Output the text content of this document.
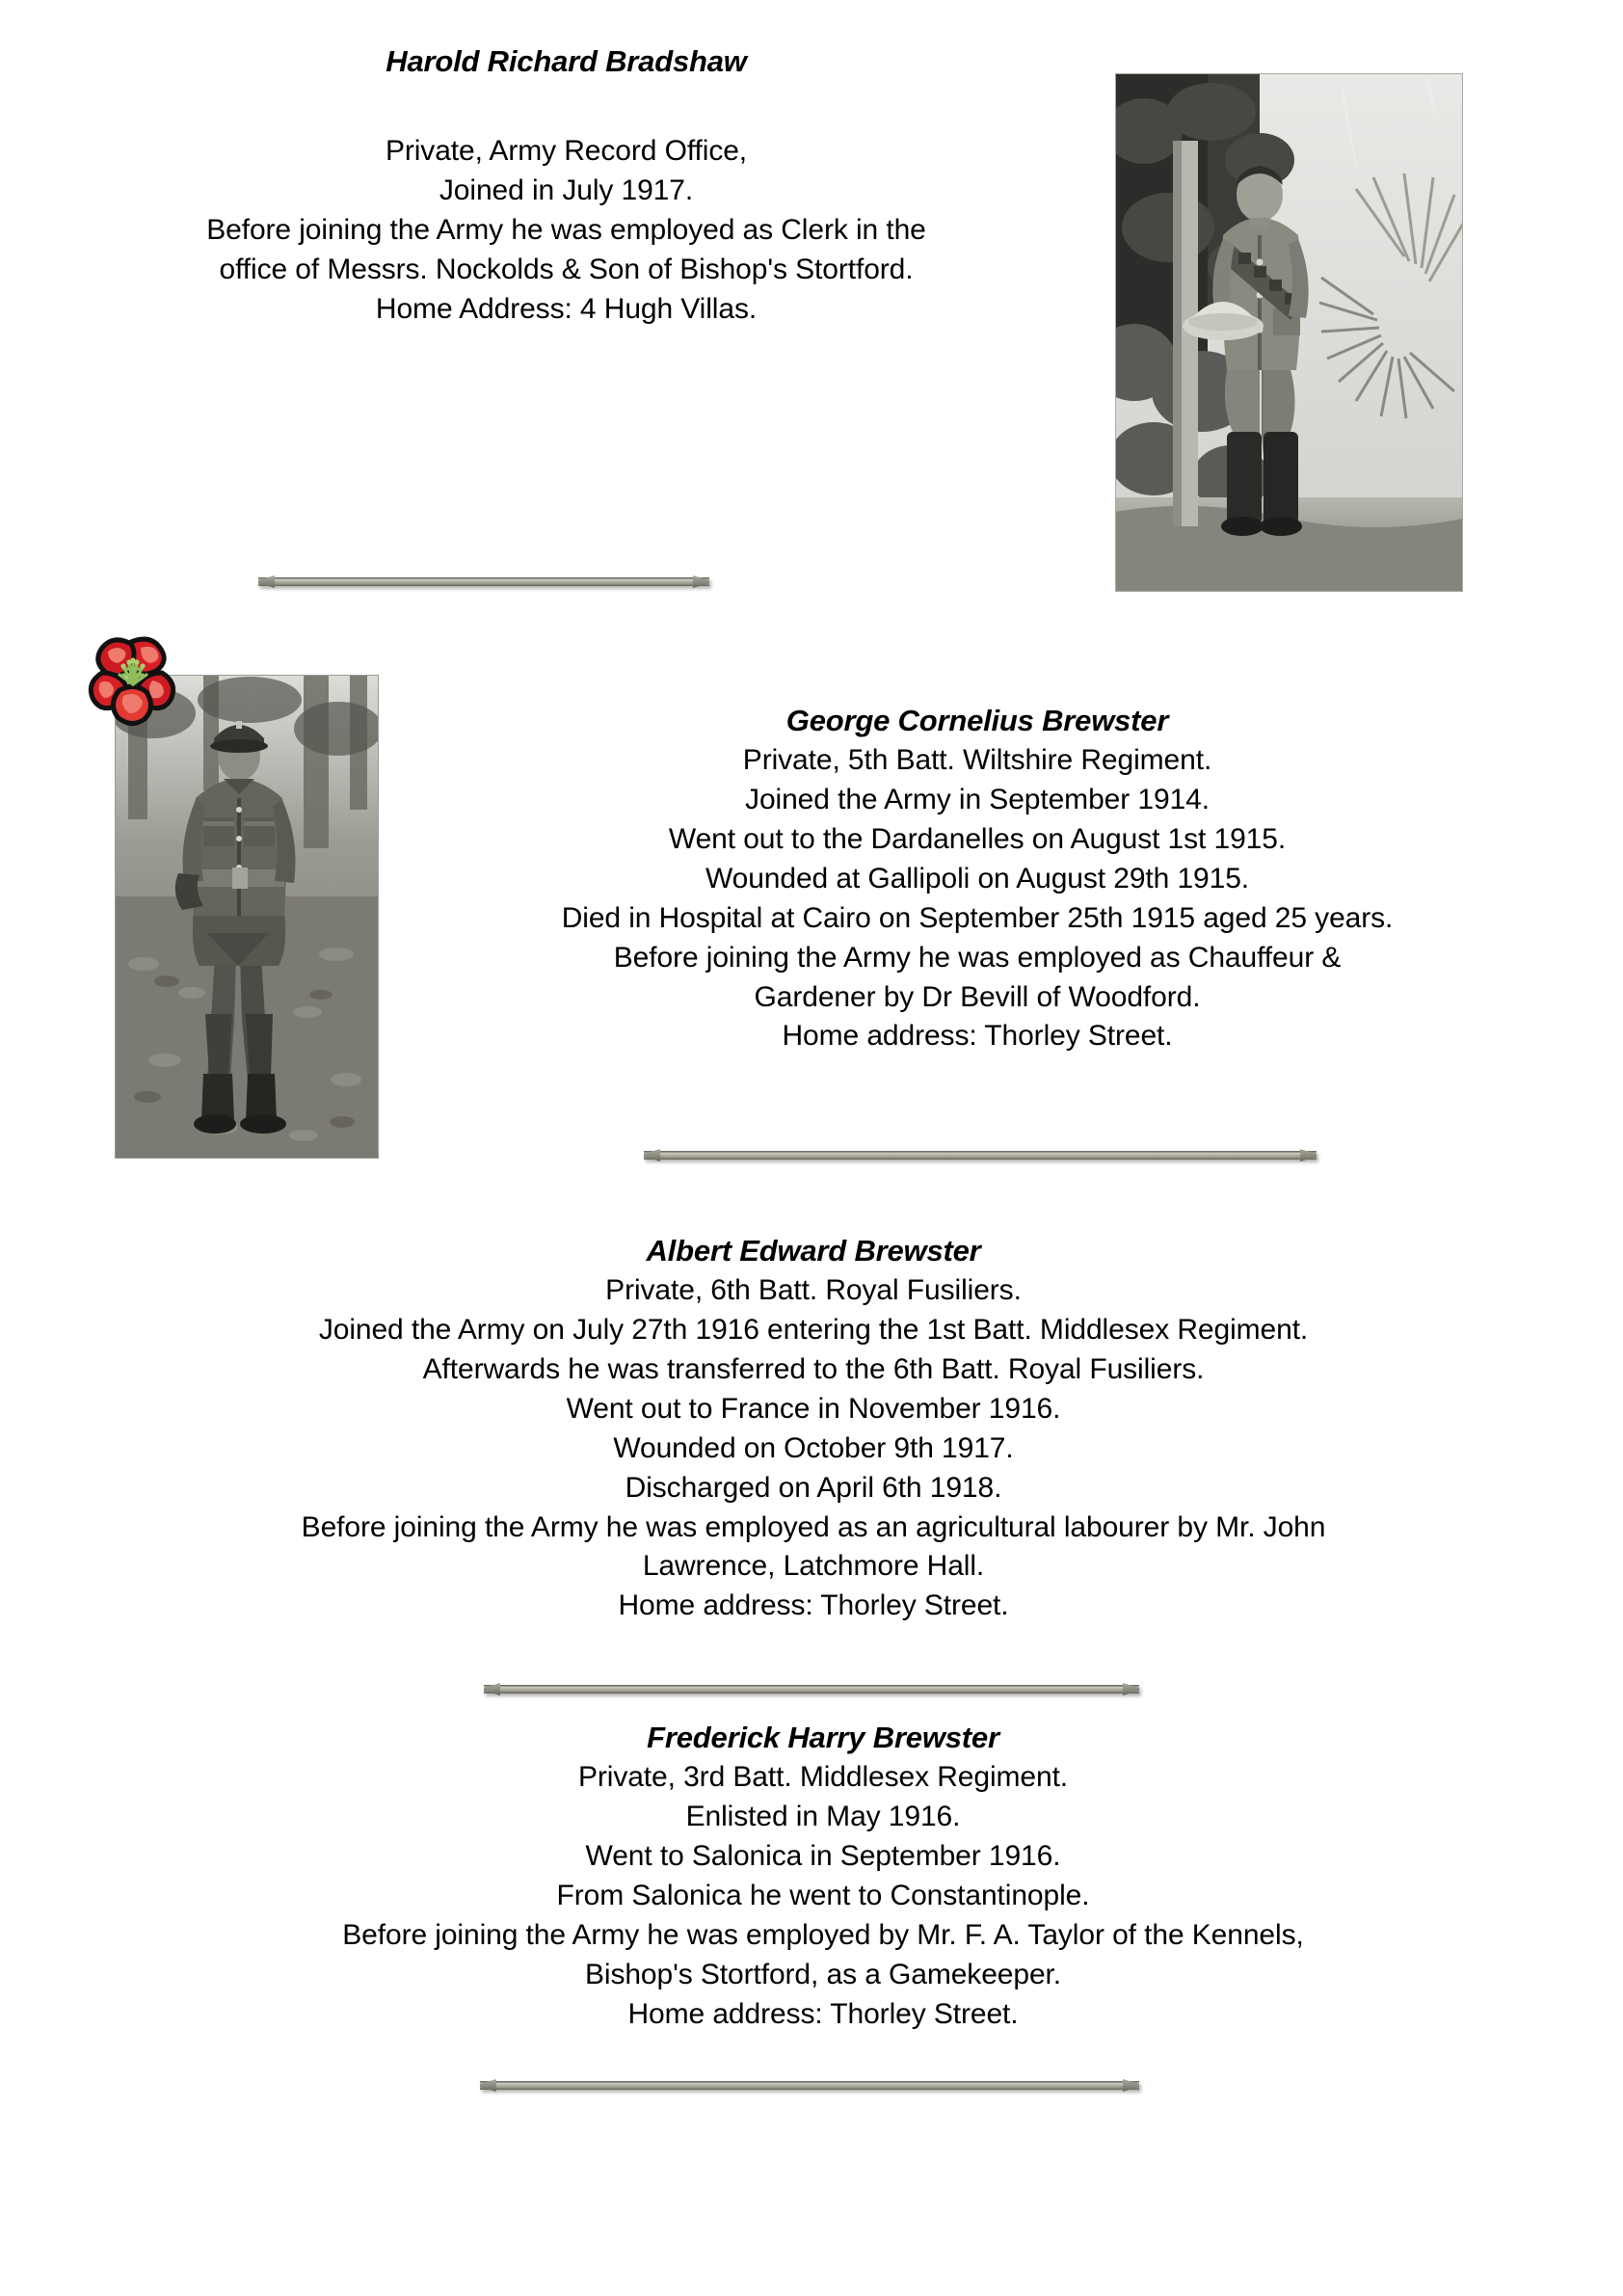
Harold Richard Bradshaw
Private, Army Record Office,
Joined in July 1917.
Before joining the Army he was employed as Clerk in the
office of Messrs. Nockolds & Son of Bishop's Stortford.
Home Address: 4 Hugh Villas.
George Cornelius Brewster
Private, 5th Batt. Wiltshire Regiment.
Joined the Army in September 1914.
Went out to the Dardanelles on August 1st 1915.
Wounded at Gallipoli on August 29th 1915.
Died in Hospital at Cairo on September 25th 1915 aged 25 years.
Before joining the Army he was employed as Chauffeur &
Gardener by Dr Bevill of Woodford.
Home address: Thorley Street.
Albert Edward Brewster
Private, 6th Batt. Royal Fusiliers.
Joined the Army on July 27th 1916 entering the 1st Batt. Middlesex Regiment.
Afterwards he was transferred to the 6th Batt. Royal Fusiliers.
Went out to France in November 1916.
Wounded on October 9th 1917.
Discharged on April 6th 1918.
Before joining the Army he was employed as an agricultural labourer by Mr. John
Lawrence, Latchmore Hall.
Home address: Thorley Street.
Frederick Harry Brewster
Private, 3rd Batt. Middlesex Regiment.
Enlisted in May 1916.
Went to Salonica in September 1916.
From Salonica he went to Constantinople.
Before joining the Army he was employed by Mr. F. A. Taylor of the Kennels,
Bishop's Stortford, as a Gamekeeper.
Home address: Thorley Street.
